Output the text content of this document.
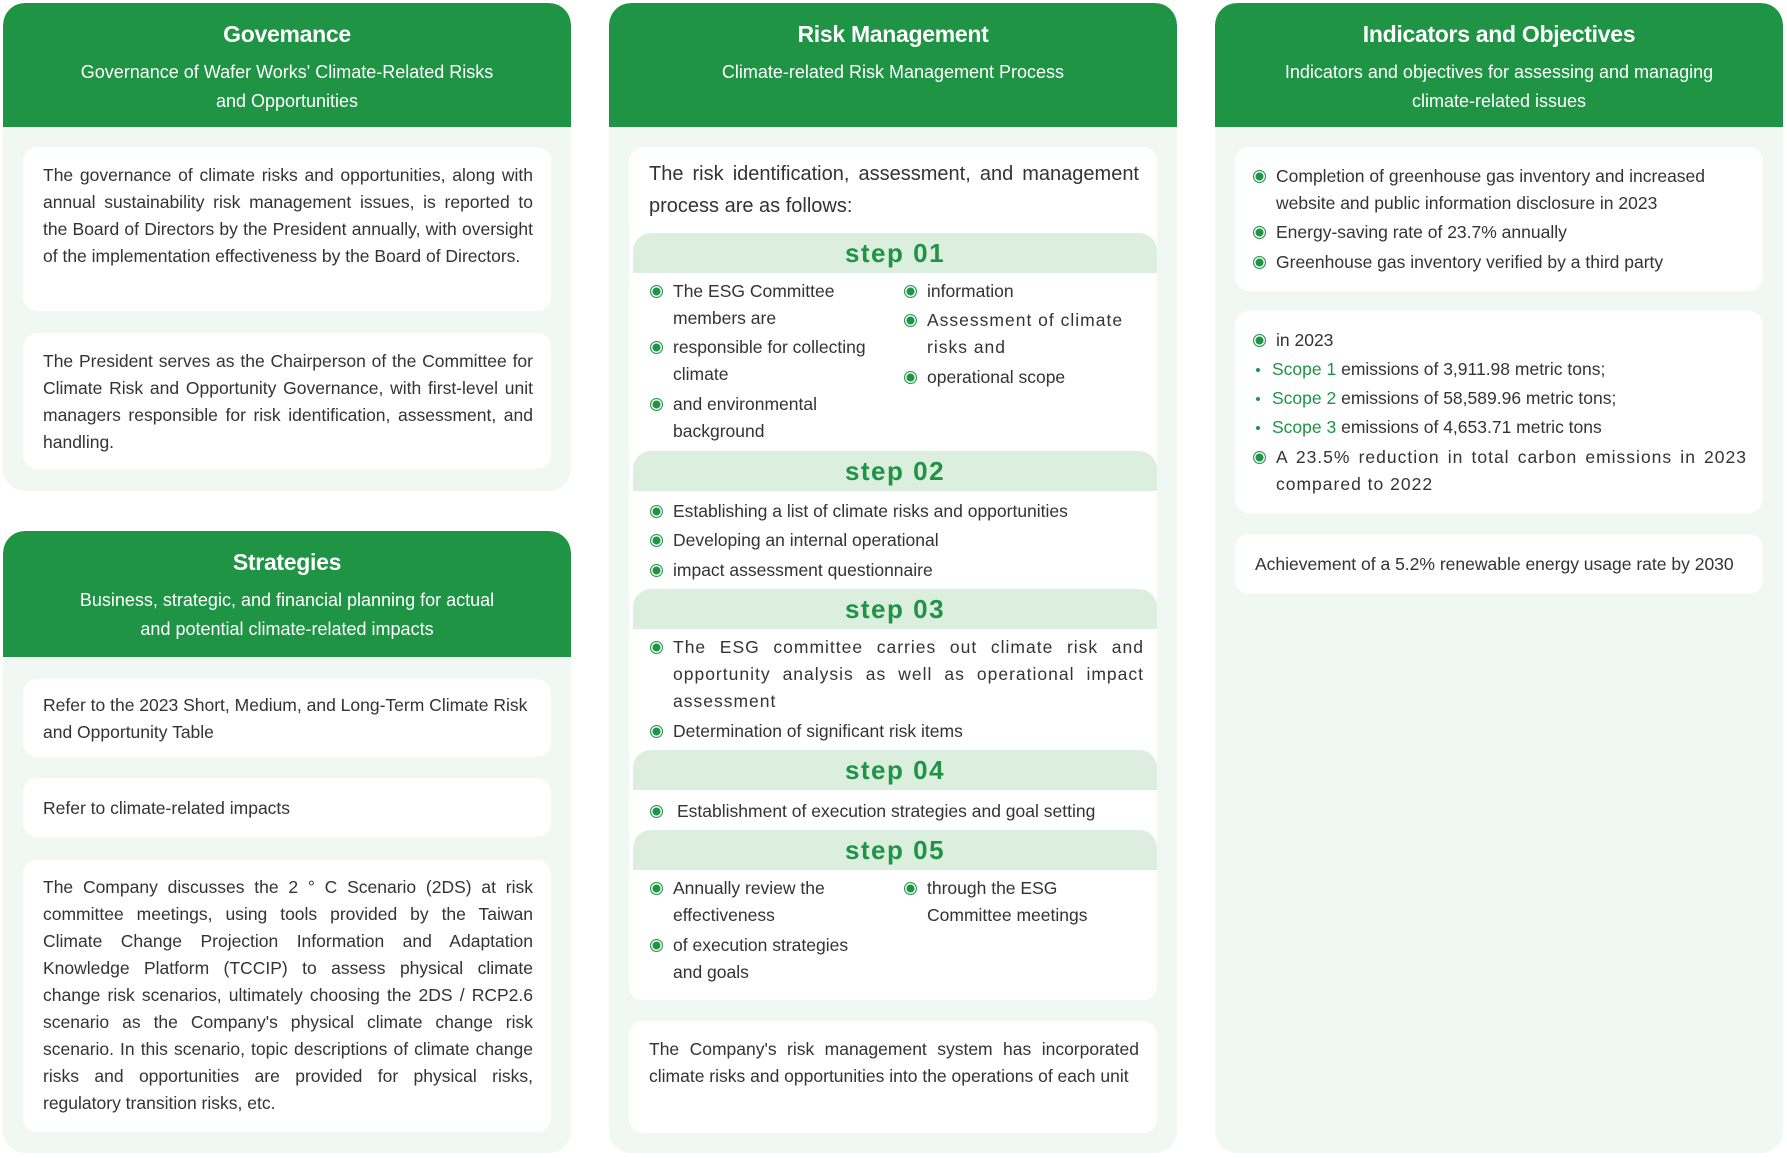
Govemance
Governance of Wafer Works' Climate-Related Risks
and Opportunities
The governance of climate risks and opportunities, along with annual sustainability risk management issues, is reported to the Board of Directors by the President annually, with oversight of the implementation effectiveness by the Board of Directors.
The President serves as the Chairperson of the Committee for Climate Risk and Opportunity Governance, with first-level unit managers responsible for risk identification, assessment, and handling.
Strategies
Business, strategic, and financial planning for actual
and potential climate-related impacts
Refer to the 2023 Short, Medium, and Long-Term Climate Risk and Opportunity Table
Refer to climate-related impacts
The Company discusses the 2 ° C Scenario (2DS) at risk committee meetings, using tools provided by the Taiwan Climate Change Projection Information and Adaptation Knowledge Platform (TCCIP) to assess physical climate change risk scenarios, ultimately choosing the 2DS / RCP2.6 scenario as the Company's physical climate change risk scenario. In this scenario, topic descriptions of climate change risks and opportunities are provided for physical risks, regulatory transition risks, etc.
Risk Management
Climate-related Risk Management Process
The risk identification, assessment, and management process are as follows:
step 01
The ESG Committee members are
responsible for collecting climate
and environmental background
information
Assessment of climate risks and
operational scope
step 02
Establishing a list of climate risks and opportunities
Developing an internal operational
impact assessment questionnaire
step 03
The ESG committee carries out climate risk and opportunity analysis as well as operational impact assessment
Determination of significant risk items
step 04
Establishment of execution strategies and goal setting
step 05
Annually review the effectiveness
of execution strategies and goals
through the ESG Committee meetings
The Company's risk management system has incorporated climate risks and opportunities into the operations of each unit
Indicators and Objectives
Indicators and objectives for assessing and managing
climate-related issues
Completion of greenhouse gas inventory and increased website and public information disclosure in 2023
Energy-saving rate of 23.7% annually
Greenhouse gas inventory verified by a third party
in 2023
Scope 1 emissions of 3,911.98 metric tons;
Scope 2 emissions of 58,589.96 metric tons;
Scope 3 emissions of 4,653.71 metric tons
A 23.5% reduction in total carbon emissions in 2023 compared to 2022
Achievement of a 5.2% renewable energy usage rate by 2030
